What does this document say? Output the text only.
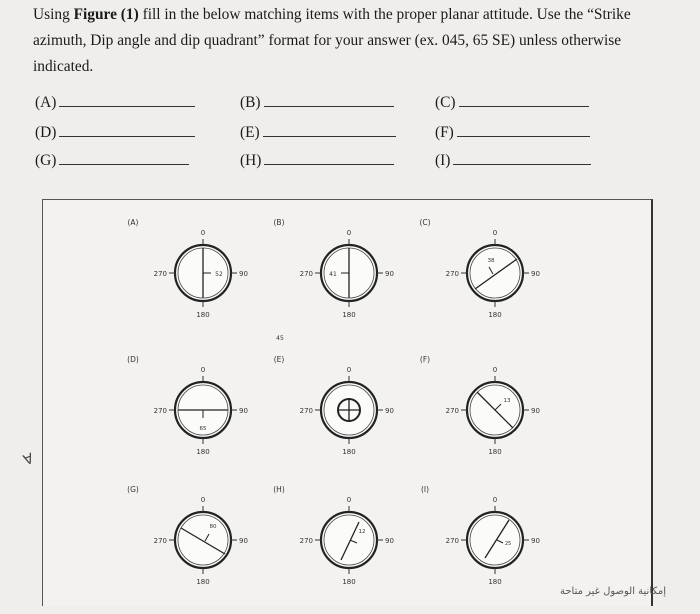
Using Figure (1) fill in the below matching items with the proper planar attitude. Use the “Strike
azimuth, Dip angle and dip quadrant” format for your answer (ex. 045, 65 SE) unless otherwise
indicated.
(A)	(B)	(C)
(D)	(E)	(F)
(G)	(H)	(I)
(A)
0
90
180
270
(B)
0
90
180
270
(C)
0
90
180
270
(D)
0
90
180
270
(E)
0
90
180
270
(F)
0
90
180
270
(G)
0
90
180
270
(H)
0
90
180
270
(I)
0
90
180
270
52	41
38
65
13
80
12
25
45
∀
إمكانية الوصول غير متاحة
